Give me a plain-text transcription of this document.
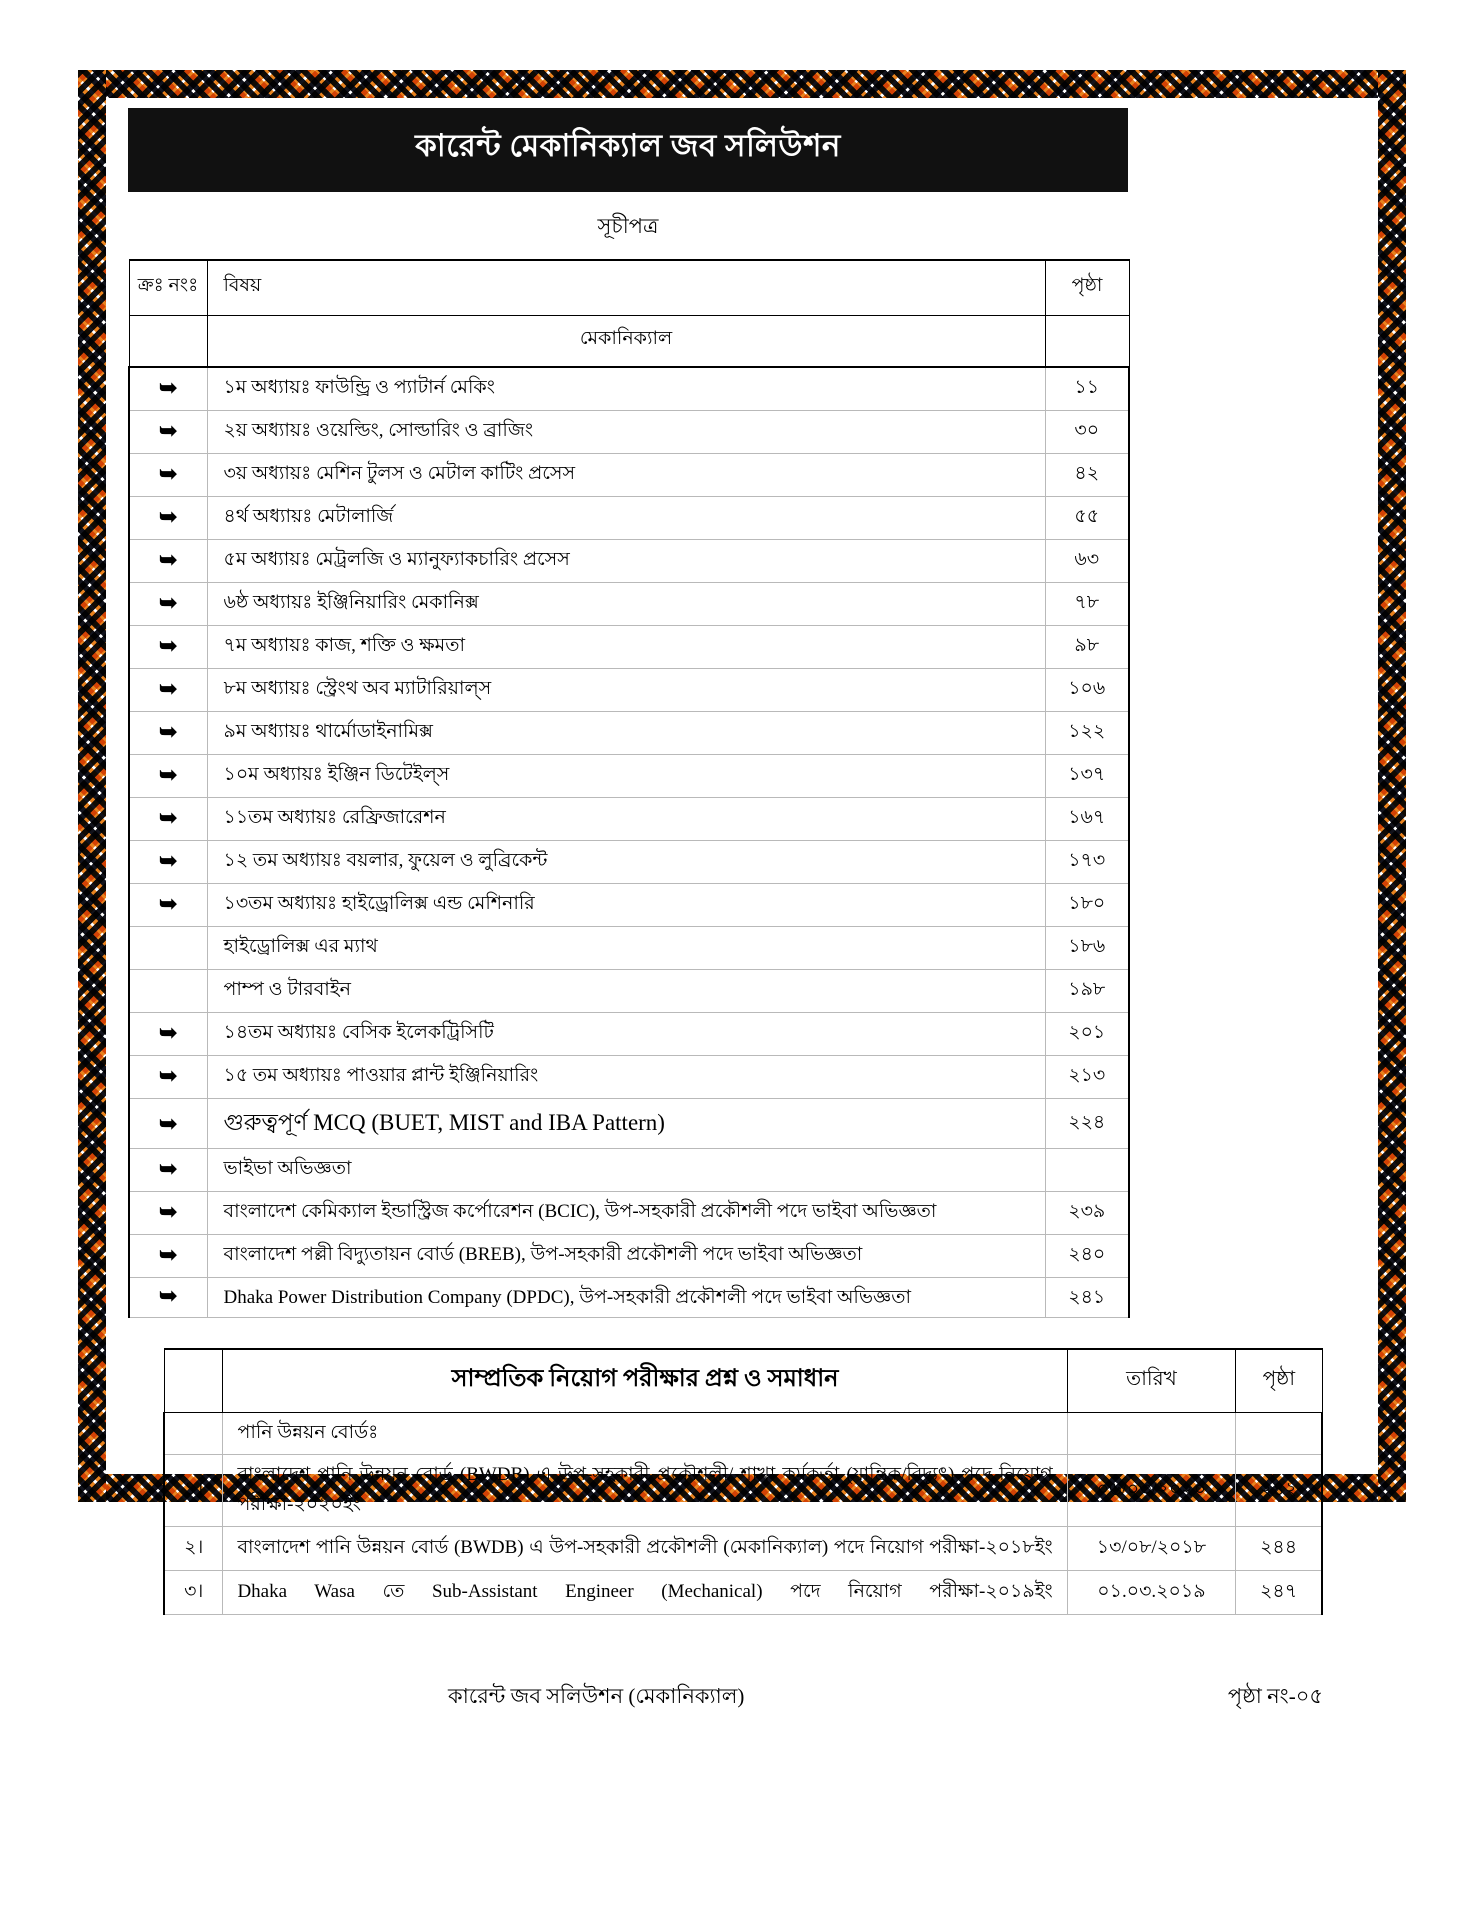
কারেন্ট মেকানিক্যাল জব সলিউশন
সূচীপত্র
ক্রঃ নংঃ	বিষয়	পৃষ্ঠা
	মেকানিক্যাল	
➥	১ম অধ্যায়ঃ ফাউন্ড্রি ও প্যাটার্ন মেকিং	১১
➥	২য় অধ্যায়ঃ ওয়েল্ডিং, সোল্ডারিং ও ব্রাজিং	৩০
➥	৩য় অধ্যায়ঃ মেশিন টুলস ও মেটাল কাটিং প্রসেস	৪২
➥	৪র্থ অধ্যায়ঃ মেটালার্জি	৫৫
➥	৫ম অধ্যায়ঃ মেট্রলজি ও ম্যানুফ্যাকচারিং প্রসেস	৬৩
➥	৬ষ্ঠ অধ্যায়ঃ ইঞ্জিনিয়ারিং মেকানিক্স	৭৮
➥	৭ম অধ্যায়ঃ কাজ, শক্তি ও ক্ষমতা	৯৮
➥	৮ম অধ্যায়ঃ স্ট্রেংথ অব ম্যাটারিয়াল্স	১০৬
➥	৯ম অধ্যায়ঃ থার্মোডাইনামিক্স	১২২
➥	১০ম অধ্যায়ঃ ইঞ্জিন ডিটেইল্স	১৩৭
➥	১১তম অধ্যায়ঃ রেফ্রিজারেশন	১৬৭
➥	১২ তম অধ্যায়ঃ বয়লার, ফুয়েল ও লুব্রিকেন্ট	১৭৩
➥	১৩তম অধ্যায়ঃ হাইড্রোলিক্স এন্ড মেশিনারি	১৮০
	হাইড্রোলিক্স এর ম্যাথ	১৮৬
	পাম্প ও টারবাইন	১৯৮
➥	১৪তম অধ্যায়ঃ বেসিক ইলেকট্রিসিটি	২০১
➥	১৫ তম অধ্যায়ঃ পাওয়ার প্লান্ট ইঞ্জিনিয়ারিং	২১৩
➥	গুরুত্বপূর্ণ MCQ (BUET, MIST and IBA Pattern)	২২৪
➥	ভাইভা অভিজ্ঞতা	
➥	বাংলাদেশ কেমিক্যাল ইন্ডাস্ট্রিজ কর্পোরেশন (BCIC), উপ-সহকারী প্রকৌশলী পদে ভাইবা অভিজ্ঞতা	২৩৯
➥	বাংলাদেশ পল্লী বিদ্যুতায়ন বোর্ড (BREB), উপ-সহকারী প্রকৌশলী পদে ভাইবা অভিজ্ঞতা	২৪০
➥	Dhaka Power Distribution Company (DPDC), উপ-সহকারী প্রকৌশলী পদে ভাইবা অভিজ্ঞতা	২৪১
	সাম্প্রতিক নিয়োগ পরীক্ষার প্রশ্ন ও সমাধান	তারিখ	পৃষ্ঠা
	পানি উন্নয়ন বোর্ডঃ		
১।	বাংলাদেশ পানি উন্নয়ন বোর্ড (BWDB) এ উপ-সহকারী প্রকৌশলী/ শাখা কর্মকর্তা (যান্ত্রিক/বিদ্যুৎ) পদে নিয়োগ পরীক্ষা-২০২০ইং	০৬/০৩/২০২০	২৪২
২।	বাংলাদেশ পানি উন্নয়ন বোর্ড (BWDB) এ উপ-সহকারী প্রকৌশলী (মেকানিক্যাল) পদে নিয়োগ পরীক্ষা-২০১৮ইং	১৩/০৮/২০১৮	২৪৪
৩।	Dhaka Wasa তে Sub-Assistant Engineer (Mechanical) পদে নিয়োগ পরীক্ষা-২০১৯ইং	০১.০৩.২০১৯	২৪৭
কারেন্ট জব সলিউশন (মেকানিক্যাল)	পৃষ্ঠা নং-০৫
